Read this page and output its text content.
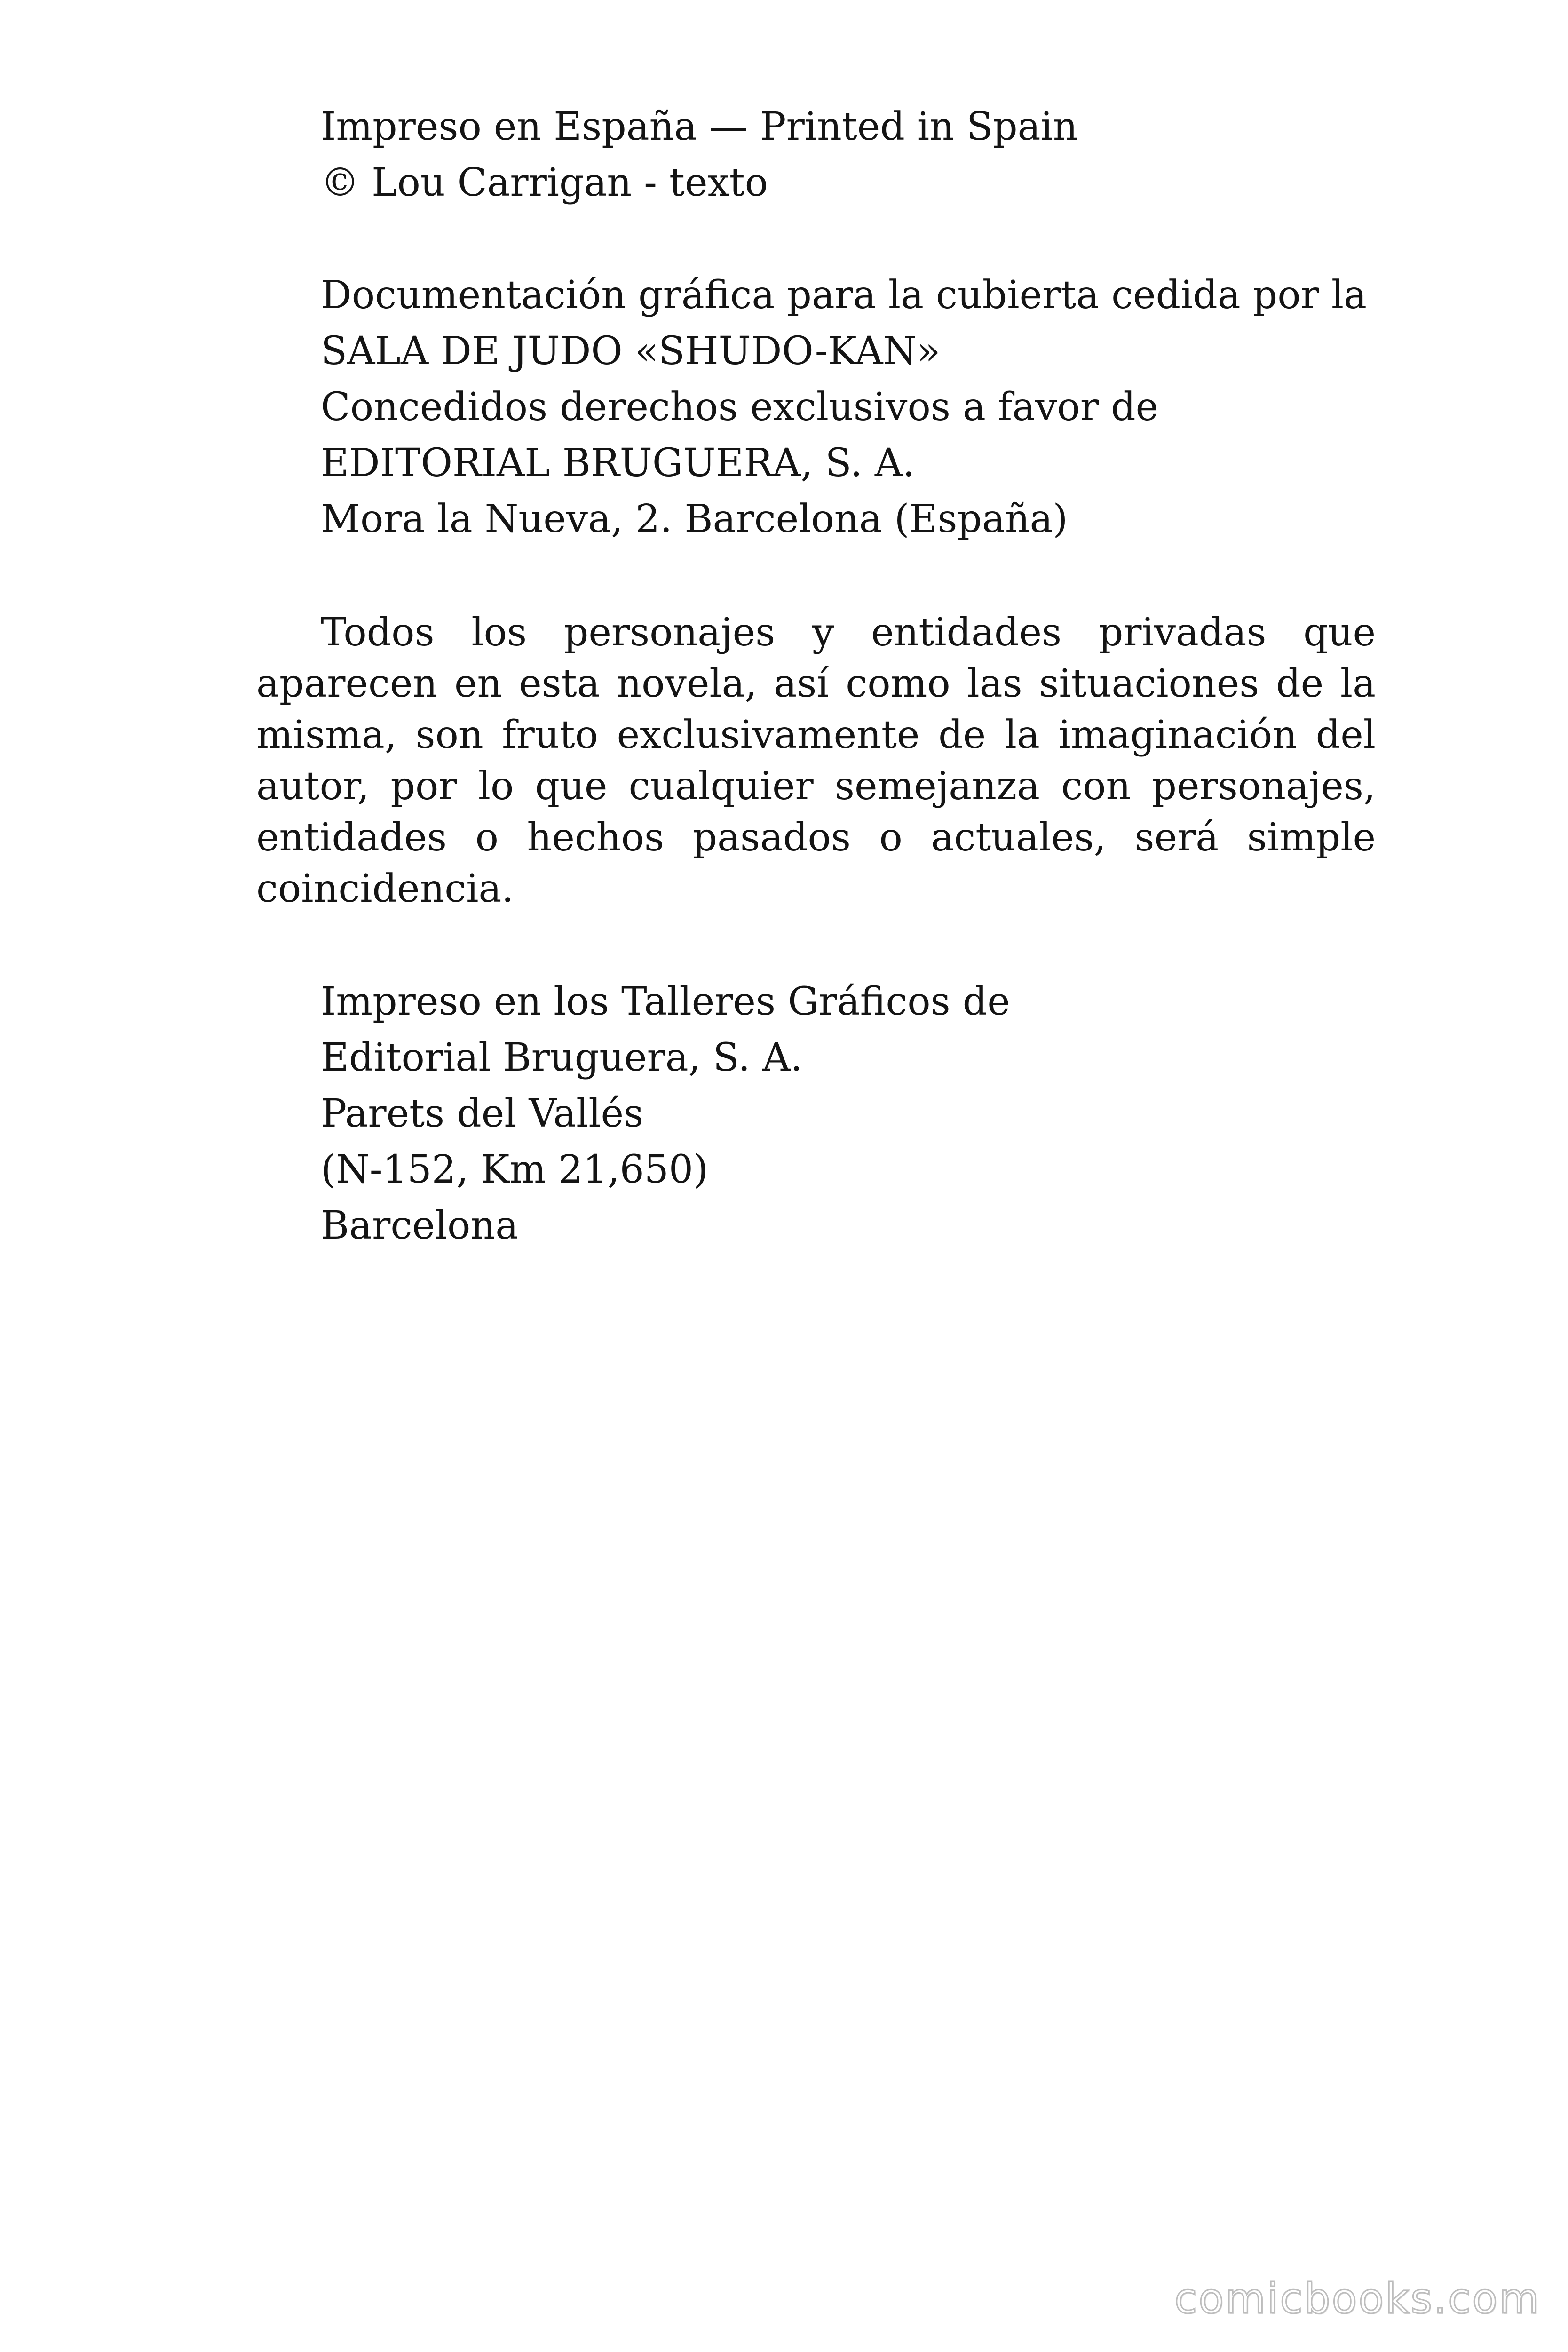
Impreso en España — Printed in Spain

© Lou Carrigan - texto

Documentación gráfica para la cubierta cedida por la

SALA DE JUDO «SHUDO-KAN»

Concedidos derechos exclusivos a favor de

EDITORIAL BRUGUERA, S. A.

Mora la Nueva, 2. Barcelona (España)

Todos los personajes y entidades privadas que
aparecen en esta novela, así como las situaciones de la
misma, son fruto exclusivamente de la imaginación del
autor, por lo que cualquier semejanza con personajes,
entidades o hechos pasados o actuales, será simple
coincidencia.

Impreso en los Talleres Gráficos de

Editorial Bruguera, S. A.

Parets del Vallés

(N-152, Km 21,650)

Barcelona

comicbooks.com
